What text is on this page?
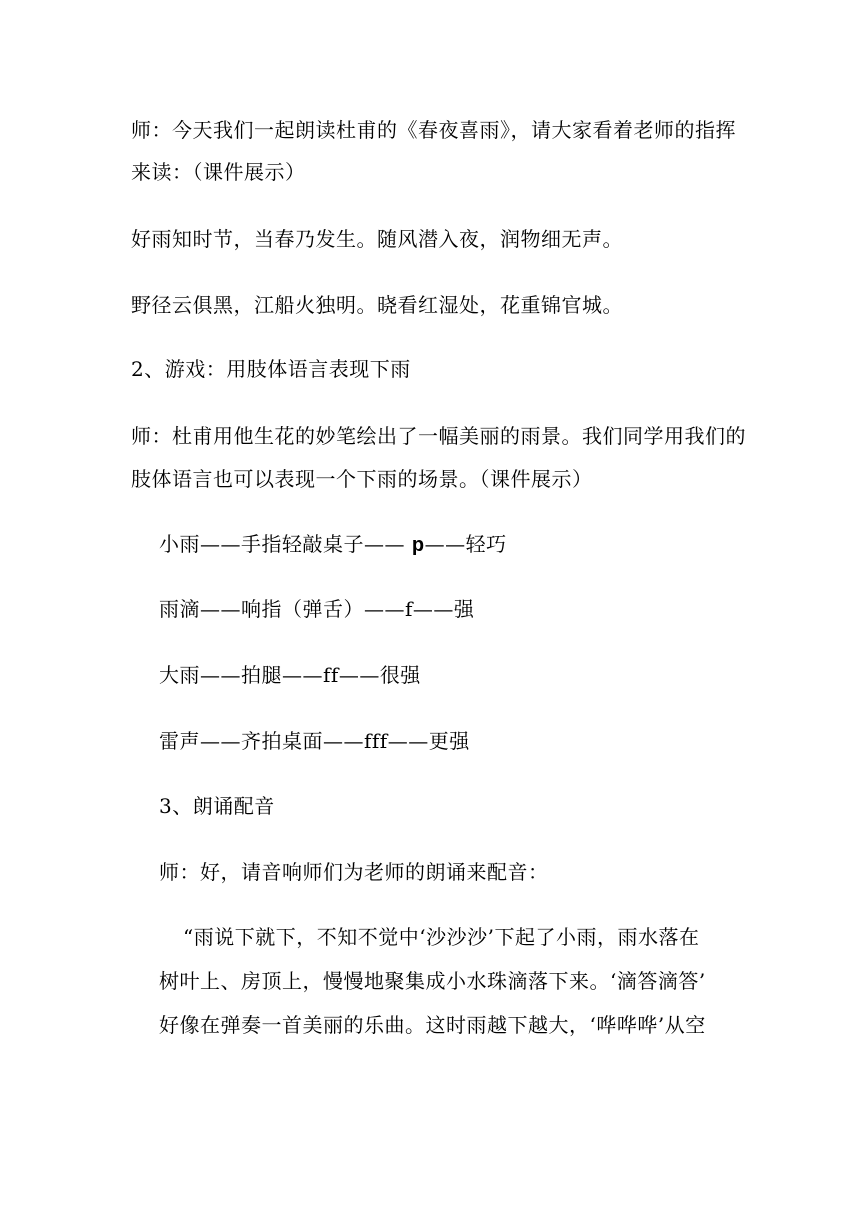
师：今天我们一起朗读杜甫的《春夜喜雨》，请大家看着老师的指挥
来读：（课件展示）
好雨知时节，当春乃发生。随风潜入夜，润物细无声。
野径云俱黑，江船火独明。晓看红湿处，花重锦官城。
2、游戏：用肢体语言表现下雨
师：杜甫用他生花的妙笔绘出了一幅美丽的雨景。我们同学用我们的
肢体语言也可以表现一个下雨的场景。（课件展示）
小雨——手指轻敲桌子—— p——轻巧
雨滴——响指（弹舌）——f——强
大雨——拍腿——ff——很强
雷声——齐拍桌面——fff——更强
3、朗诵配音
师：好，请音响师们为老师的朗诵来配音：
“雨说下就下，不知不觉中‘沙沙沙’下起了小雨，雨水落在
树叶上、房顶上，慢慢地聚集成小水珠滴落下来。‘滴答滴答’
好像在弹奏一首美丽的乐曲。这时雨越下越大，‘哗哗哗’从空
